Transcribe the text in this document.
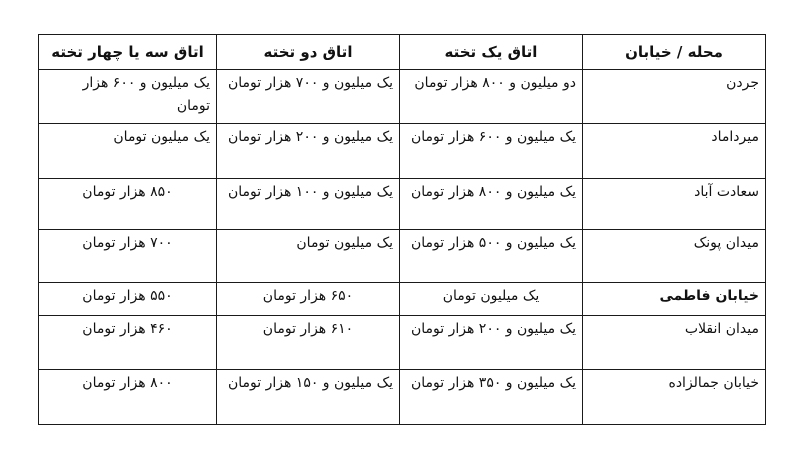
محله / خیابان	اتاق یک تخته	اتاق دو تخته	اتاق سه یا چهار تخته
جردن	دو میلیون و ۸۰۰ هزار تومان	یک میلیون و ۷۰۰ هزار تومان	یک میلیون و ۶۰۰ هزار تومان
میرداماد	یک میلیون و ۶۰۰ هزار تومان	یک میلیون و ۲۰۰ هزار تومان	یک میلیون تومان
سعادت آباد	یک میلیون و ۸۰۰ هزار تومان	یک میلیون و ۱۰۰ هزار تومان	۸۵۰ هزار تومان
میدان پونک	یک میلیون و ۵۰۰ هزار تومان	یک میلیون تومان	۷۰۰ هزار تومان
خیابان فاطمی	یک میلیون تومان	۶۵۰ هزار تومان	۵۵۰ هزار تومان
میدان انقلاب	یک میلیون و ۲۰۰ هزار تومان	۶۱۰ هزار تومان	۴۶۰ هزار تومان
خیابان جمالزاده	یک میلیون و ۳۵۰ هزار تومان	یک میلیون و ۱۵۰ هزار تومان	۸۰۰ هزار تومان
